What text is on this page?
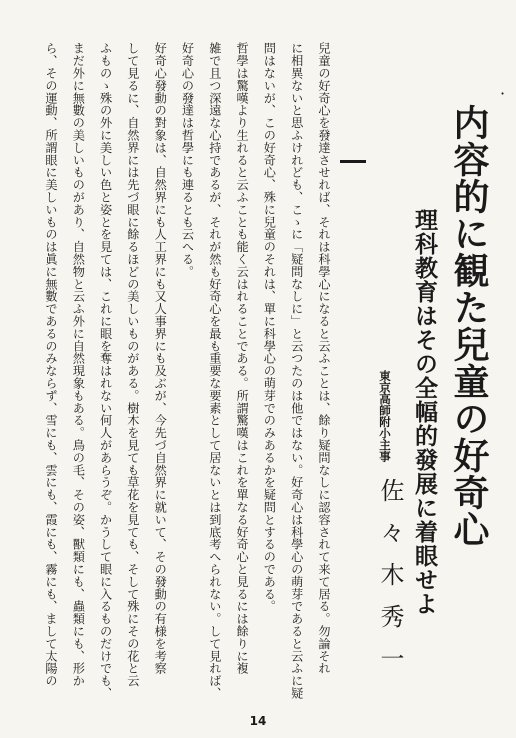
内容的に観た兒童の好奇心
理科教育はその全幅的發展に着眼せよ
東京高師附小主事
佐々木秀一
·
兒童の好奇心を發達させれば、それは科學心になると云ふことは、餘り疑問なしに認容されて来て居る。勿論それ
に相異ないと思ふけれども、こゝに「疑問なしに」と云つたのは他ではない。好奇心は科學心の萌芽であると云ふに疑
問はないが、この好奇心、殊に兒童のそれは、單に科學心の萌芽でのみあるかを疑問とするのである。
哲學は驚嘆より生れると云ふことも能く云はれることである。所謂驚嘆はこれを單なる好奇心と見るには餘りに複
雑で且つ深遠な心持であるが、それが然も好奇心を最も重要な要素として居ないとは到底考へられない。して見れば、
好奇心の發達は哲學にも連るとも云へる。
好奇心發動の對象は、自然界にも人工界にも又人事界にも及ぶが、今先づ自然界に就いて、その發動の有様を考察
して見るに、自然界には先づ眼に餘るほどの美しいものがある。樹木を見ても草花を見ても、そして殊にその花と云
ふものゝ殊の外に美しい色と姿とを見ては、これに眼を奪はれない何人があらうぞ。かうして眼に入るものだけでも、
まだ外に無數の美しいものがあり、自然物と云ふ外に自然現象もある。鳥の毛、その姿、獸類にも、蟲類にも、形か
ら、その運動、所謂眼に美しいものは眞に無數であるのみならず、雪にも、雲にも、霞にも、霧にも、まして太陽の
14
